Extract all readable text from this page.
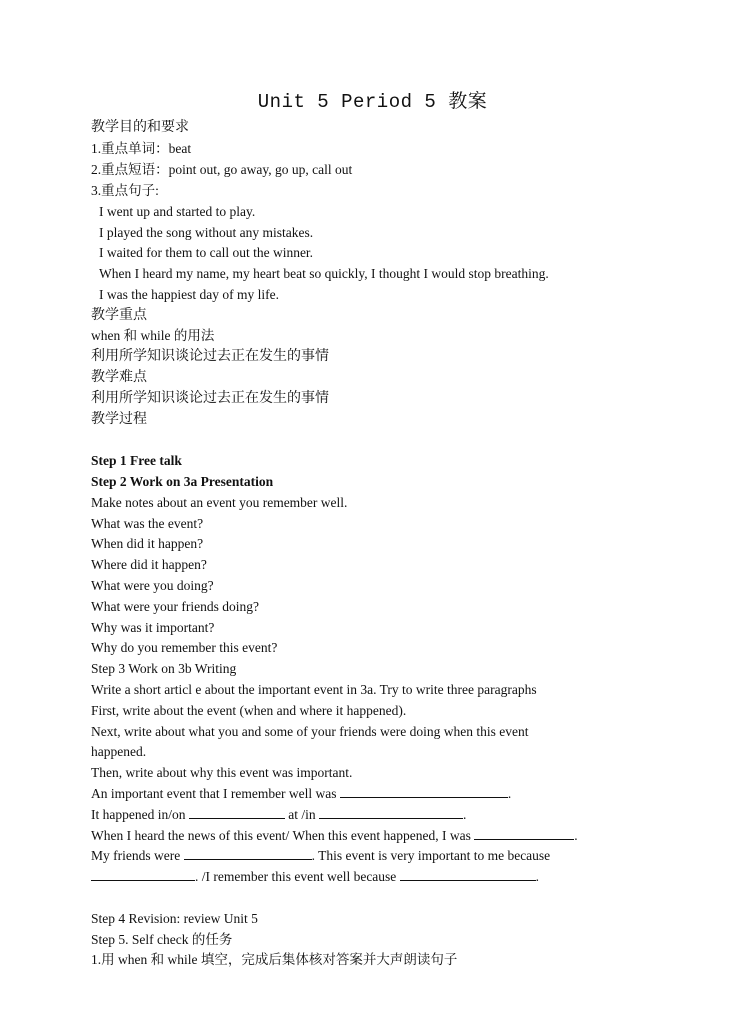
Unit 5 Period 5 教案
教学目的和要求
1.重点单词：beat
2.重点短语：point out, go away, go up, call out
3.重点句子:
I went up and started to play.
I played the song without any mistakes.
I waited for them to call out the winner.
When I heard my name, my heart beat so quickly, I thought I would stop breathing.
I was the happiest day of my life.
教学重点
when 和 while 的用法
利用所学知识谈论过去正在发生的事情
教学难点
利用所学知识谈论过去正在发生的事情
教学过程
Step 1 Free talk
Step 2 Work on 3a Presentation
Make notes about an event you remember well.
What was the event?
When did it happen?
Where did it happen?
What were you doing?
What were your friends doing?
Why was it important?
Why do you remember this event?
Step 3 Work on 3b Writing
Write a short articl e about the important event in 3a. Try to write three paragraphs
First, write about the event (when and where it happened).
Next, write about what you and some of your friends were doing when this event
happened.
Then, write about why this event was important.
An important event that I remember well was	.
It happened in/on	at /in	.
When I heard the news of this event/ When this event happened, I was	.
My friends were	. This event is very important to me because
. /I remember this event well because	.
Step 4 Revision: review Unit 5
Step 5. Self check 的任务
1.用 when 和 while 填空，完成后集体核对答案并大声朗读句子
